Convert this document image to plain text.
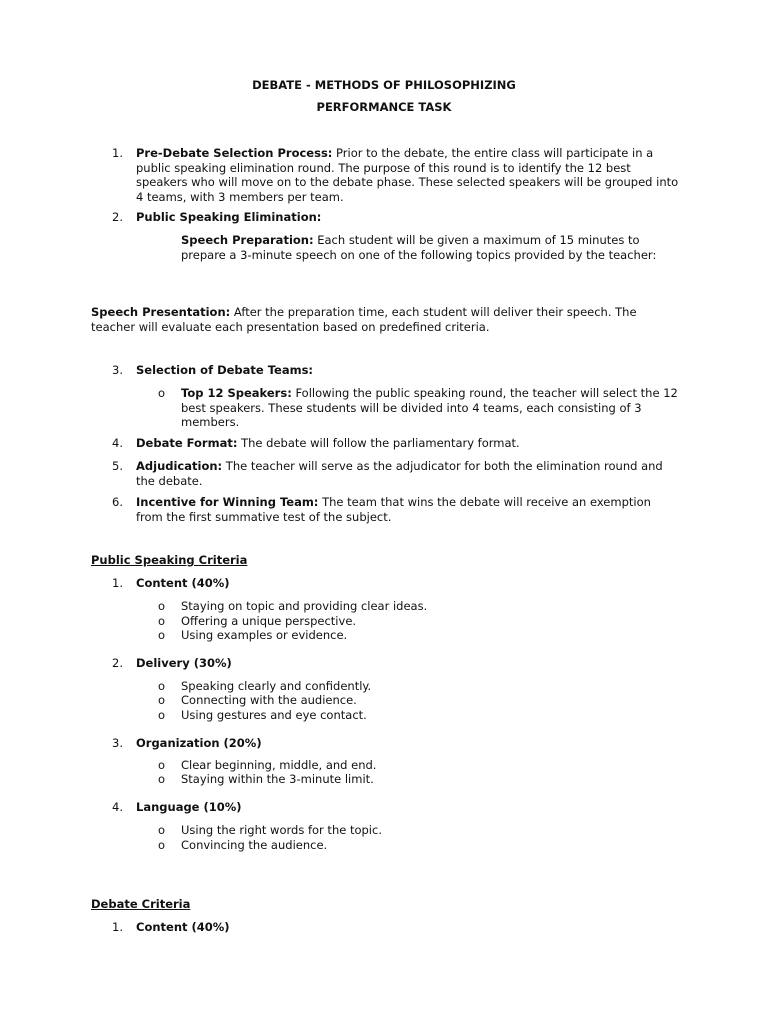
DEBATE - METHODS OF PHILOSOPHIZING
PERFORMANCE TASK
1.	Pre-Debate Selection Process: Prior to the debate, the entire class will participate in a public speaking elimination round. The purpose of this round is to identify the 12 best speakers who will move on to the debate phase. These selected speakers will be grouped into 4 teams, with 3 members per team.
2.	Public Speaking Elimination:
Speech Preparation: Each student will be given a maximum of 15 minutes to prepare a 3-minute speech on one of the following topics provided by the teacher:
Speech Presentation: After the preparation time, each student will deliver their speech. The teacher will evaluate each presentation based on predefined criteria.
3.	Selection of Debate Teams:
o	Top 12 Speakers: Following the public speaking round, the teacher will select the 12 best speakers. These students will be divided into 4 teams, each consisting of 3 members.
4.	Debate Format: The debate will follow the parliamentary format.
5.	Adjudication: The teacher will serve as the adjudicator for both the elimination round and the debate.
6.	Incentive for Winning Team: The team that wins the debate will receive an exemption from the first summative test of the subject.
Public Speaking Criteria
1.	Content (40%)
o	Staying on topic and providing clear ideas.
o	Offering a unique perspective.
o	Using examples or evidence.
2.	Delivery (30%)
o	Speaking clearly and confidently.
o	Connecting with the audience.
o	Using gestures and eye contact.
3.	Organization (20%)
o	Clear beginning, middle, and end.
o	Staying within the 3-minute limit.
4.	Language (10%)
o	Using the right words for the topic.
o	Convincing the audience.
Debate Criteria
1.	Content (40%)
